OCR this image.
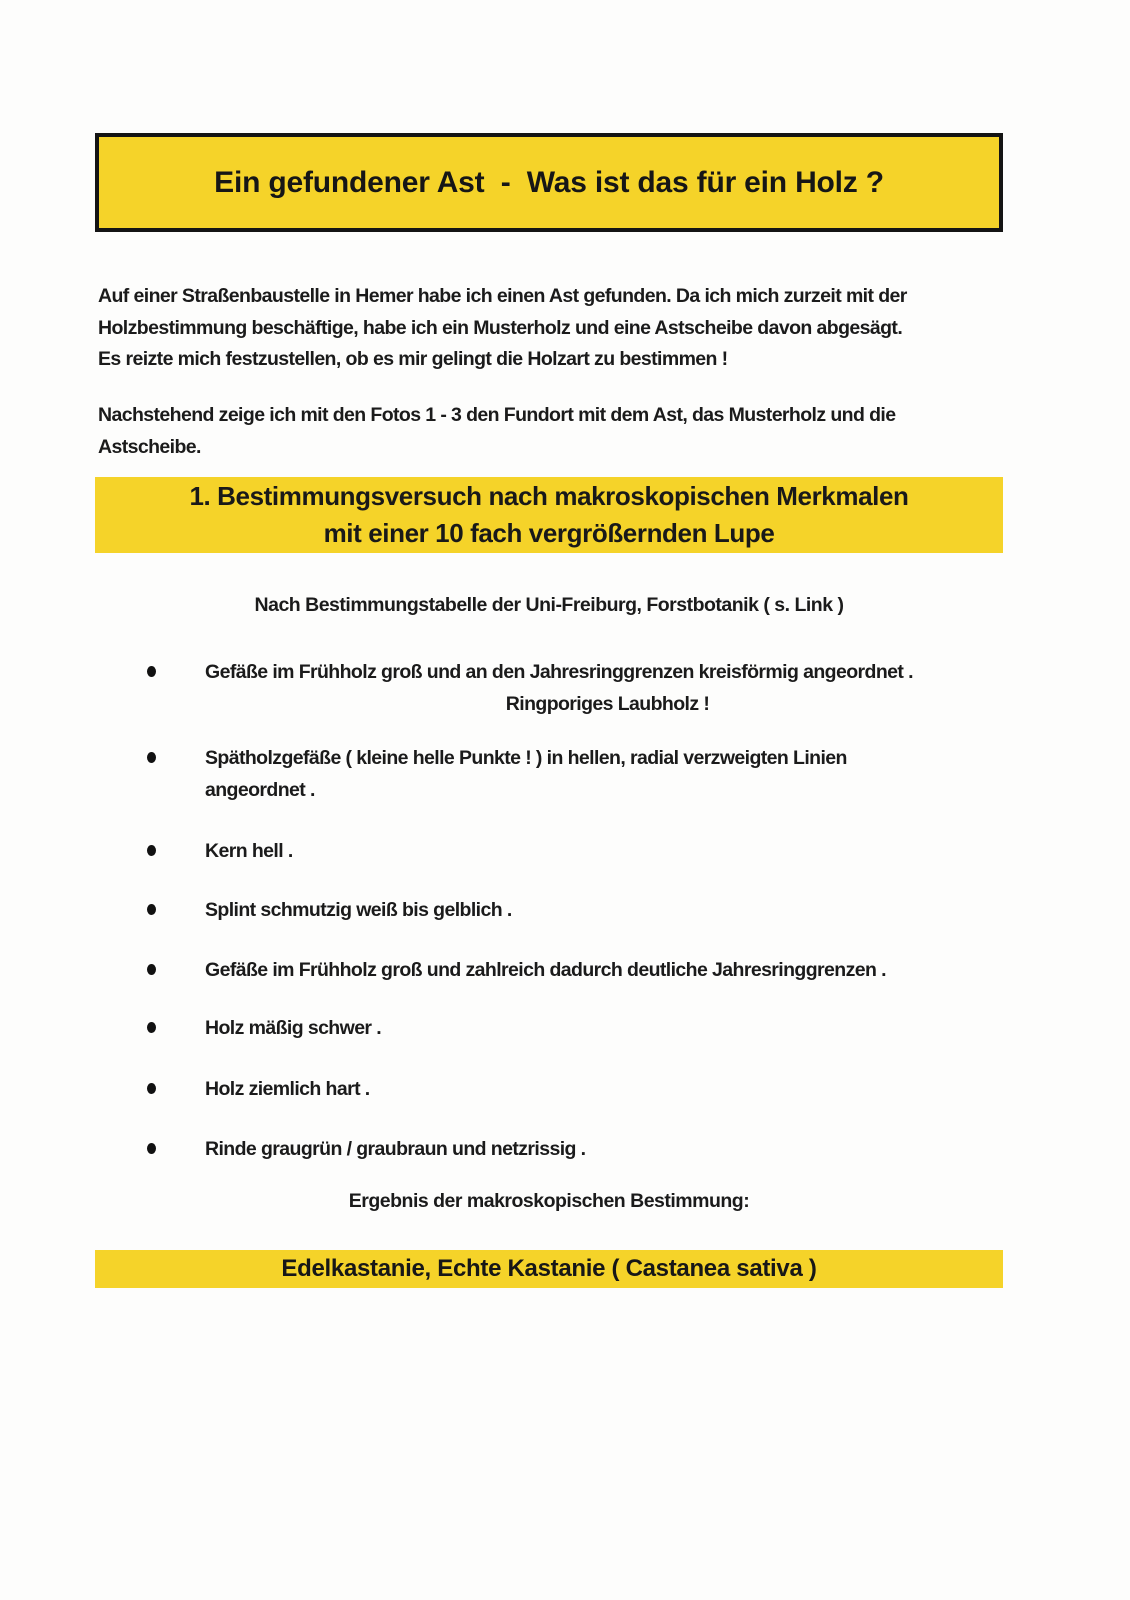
Ein gefundener Ast  -  Was ist das für ein Holz ?
Auf einer Straßenbaustelle in Hemer habe ich einen Ast gefunden. Da ich mich zurzeit mit der
Holzbestimmung beschäftige, habe ich ein Musterholz und eine Astscheibe davon abgesägt.
Es reizte mich festzustellen, ob es mir gelingt die Holzart zu bestimmen !
Nachstehend zeige ich mit den Fotos 1 - 3 den Fundort mit dem Ast, das Musterholz und die
Astscheibe.
1. Bestimmungsversuch nach makroskopischen Merkmalen
mit einer 10 fach vergrößernden Lupe
Nach Bestimmungstabelle der Uni-Freiburg, Forstbotanik ( s. Link )
Gefäße im Frühholz groß und an den Jahresringgrenzen kreisförmig angeordnet .
Ringporiges Laubholz !
Spätholzgefäße ( kleine helle Punkte ! ) in hellen, radial verzweigten Linien
angeordnet .
Kern hell .
Splint schmutzig weiß bis gelblich .
Gefäße im Frühholz groß und zahlreich dadurch deutliche Jahresringgrenzen .
Holz mäßig schwer .
Holz ziemlich hart .
Rinde graugrün / graubraun und netzrissig .
Ergebnis der makroskopischen Bestimmung:
Edelkastanie, Echte Kastanie ( Castanea sativa )
